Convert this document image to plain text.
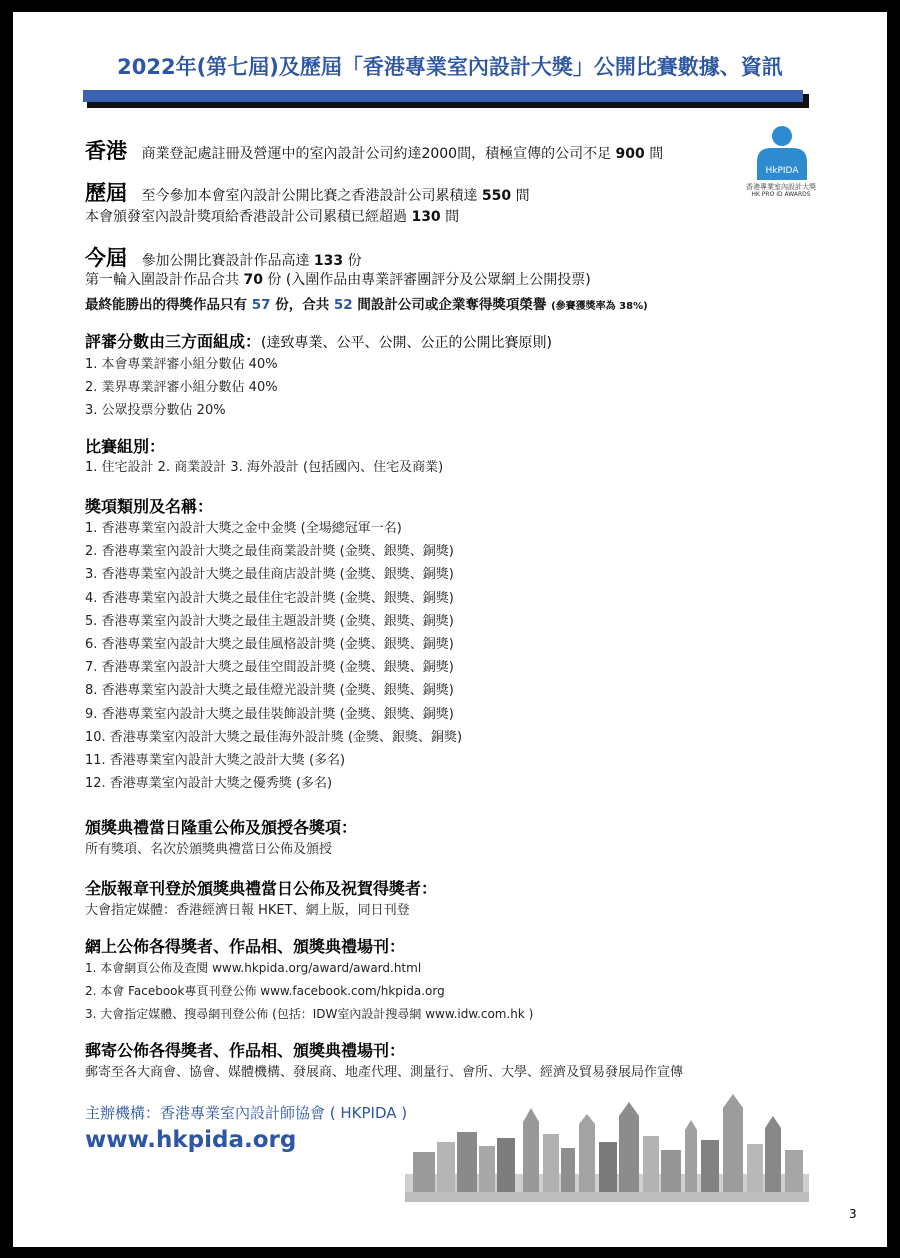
2022年(第七屆)及歷屆「香港專業室內設計大獎」公開比賽數據、資訊
HkPIDA
香港專業室內設計大獎
HK PRO ID AWARDS
香港 商業登記處註冊及營運中的室內設計公司約達2000間，積極宣傳的公司不足 900 間
歷屆 至今參加本會室內設計公開比賽之香港設計公司累積達 550 間
本會頒發室內設計獎項給香港設計公司累積已經超過 130 間
今屆 參加公開比賽設計作品高達 133 份
第一輪入圍設計作品合共 70 份 (入圍作品由專業評審團評分及公眾網上公開投票)
最終能勝出的得獎作品只有 57 份，合共 52 間設計公司或企業奪得獎項榮譽 (參賽獲獎率為 38%)
評審分數由三方面組成：(達致專業、公平、公開、公正的公開比賽原則)
1. 本會專業評審小組分數佔 40%
2. 業界專業評審小組分數佔 40%
3. 公眾投票分數佔 20%
比賽組別：
1. 住宅設計 2. 商業設計 3. 海外設計 (包括國內、住宅及商業)
獎項類別及名稱：
1. 香港專業室內設計大獎之金中金獎 (全場總冠軍一名)
2. 香港專業室內設計大獎之最佳商業設計獎 (金獎、銀獎、銅獎)
3. 香港專業室內設計大獎之最佳商店設計獎 (金獎、銀獎、銅獎)
4. 香港專業室內設計大獎之最佳住宅設計獎 (金獎、銀獎、銅獎)
5. 香港專業室內設計大獎之最佳主題設計獎 (金獎、銀獎、銅獎)
6. 香港專業室內設計大獎之最佳風格設計獎 (金獎、銀獎、銅獎)
7. 香港專業室內設計大獎之最佳空間設計獎 (金獎、銀獎、銅獎)
8. 香港專業室內設計大獎之最佳燈光設計獎 (金獎、銀獎、銅獎)
9. 香港專業室內設計大獎之最佳裝飾設計獎 (金獎、銀獎、銅獎)
10. 香港專業室內設計大獎之最佳海外設計獎 (金獎、銀獎、銅獎)
11. 香港專業室內設計大獎之設計大獎 (多名)
12. 香港專業室內設計大獎之優秀獎 (多名)
頒獎典禮當日隆重公佈及頒授各獎項：
所有獎項、名次於頒獎典禮當日公佈及頒授
全版報章刊登於頒獎典禮當日公佈及祝賀得獎者：
大會指定媒體：香港經濟日報 HKET、網上版，同日刊登
網上公佈各得獎者、作品相、頒獎典禮場刊：
1. 本會網頁公佈及查閱 www.hkpida.org/award/award.html
2. 本會 Facebook專頁刊登公佈 www.facebook.com/hkpida.org
3. 大會指定媒體、搜尋網刊登公佈 (包括：IDW室內設計搜尋網 www.idw.com.hk )
郵寄公佈各得獎者、作品相、頒獎典禮場刊：
郵寄至各大商會、協會、媒體機構、發展商、地產代理、測量行、會所、大學、經濟及貿易發展局作宣傳
主辦機構：香港專業室內設計師協會 ( HKPIDA )
www.hkpida.org
3
